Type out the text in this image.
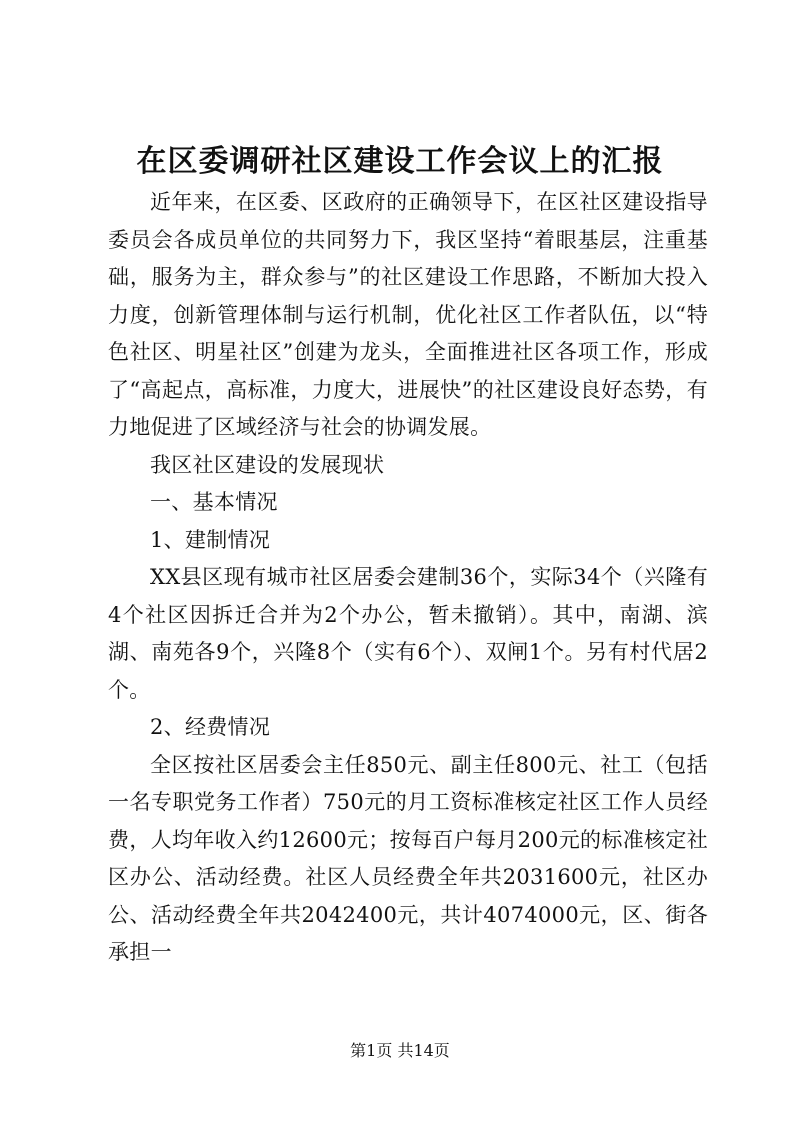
在区委调研社区建设工作会议上的汇报

近年来，在区委、区政府的正确领导下，在区社区建设指导委员会各成员单位的共同努力下，我区坚持“着眼基层，注重基础，服务为主，群众参与”的社区建设工作思路，不断加大投入力度，创新管理体制与运行机制，优化社区工作者队伍，以“特色社区、明星社区”创建为龙头，全面推进社区各项工作，形成了“高起点，高标准，力度大，进展快”的社区建设良好态势，有力地促进了区域经济与社会的协调发展。

我区社区建设的发展现状

一、基本情况

1、建制情况

XX县区现有城市社区居委会建制36个，实际34个（兴隆有4个社区因拆迁合并为2个办公，暂未撤销）。其中，南湖、滨湖、南苑各9个，兴隆8个（实有6个）、双闸1个。另有村代居2个。

2、经费情况

全区按社区居委会主任850元、副主任800元、社工（包括一名专职党务工作者）750元的月工资标准核定社区工作人员经费，人均年收入约12600元；按每百户每月200元的标准核定社区办公、活动经费。社区人员经费全年共2031600元，社区办公、活动经费全年共2042400元，共计4074000元，区、街各承担一

第1页 共14页
